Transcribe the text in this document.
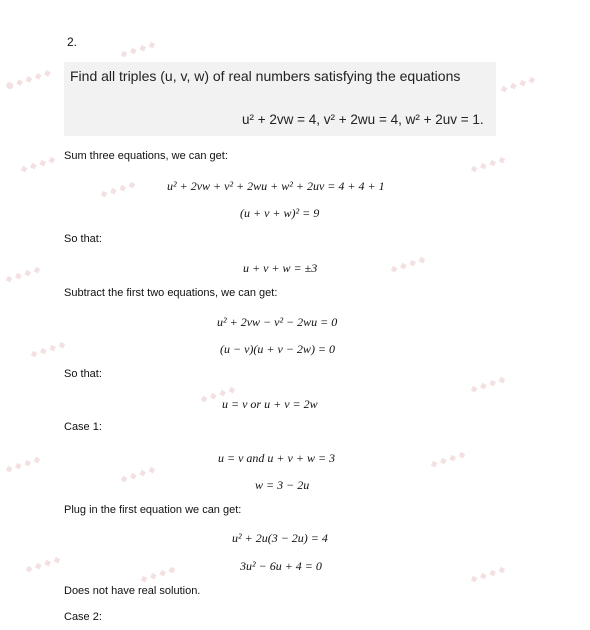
● ◆ ◆ ◆ ◆
◆ ◆ ◆ ◆
◆ ◆ ◆ ◆
◆ ◆ ◆ ◆
◆ ◆ ◆ ◆
◆ ◆ ◆ ◆
◆ ◆ ◆ ◆	◆ ◆ ◆ ◆
◆ ◆ ◆ ◆
◆ ◆ ◆ ◆	◆ ◆ ◆ ◆
◆ ◆ ◆ ◆	◆ ◆ ◆ ◆
◆ ◆ ◆ ◆
◆ ◆ ◆ ◆	◆ ◆ ◆ ◆	◆ ◆ ◆ ◆
2.
Find all triples (u, v, w) of real numbers satisfying the equations
u² + 2vw = 4, v² + 2wu = 4, w² + 2uv = 1.
Sum three equations, we can get:
u² + 2vw + v² + 2wu + w² + 2uv = 4 + 4 + 1
(u + v + w)² = 9
So that:
u + v + w = ±3
Subtract the first two equations, we can get:
u² + 2vw − v² − 2wu = 0
(u − v)(u + v − 2w) = 0
So that:
u = v or u + v = 2w
Case 1:
u = v and u + v + w = 3
w = 3 − 2u
Plug in the first equation we can get:
u² + 2u(3 − 2u) = 4
3u² − 6u + 4 = 0
Does not have real solution.
Case 2:
